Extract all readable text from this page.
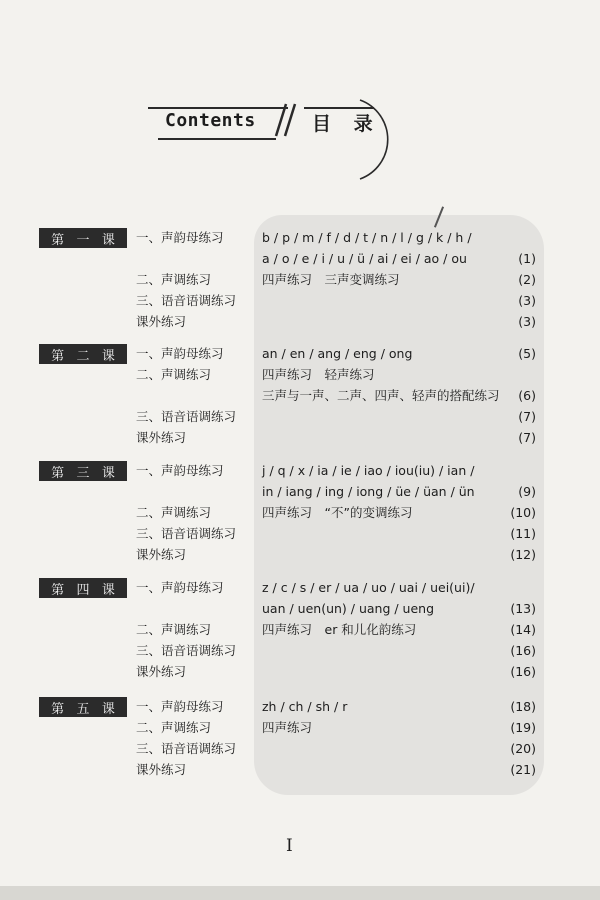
Contents	目 录
第 一 课 一、声韵母练习	b / p / m / f / d / t / n / l / g / k / h /
a / o / e / i / u / ü / ai / ei / ao / ou	(1)
二、声调练习	四声练习　三声变调练习	(2)
三、语音语调练习	(3)
课外练习	(3)
第 二 课 一、声韵母练习	an / en / ang / eng / ong	(5)
二、声调练习	四声练习　轻声练习
三声与一声、二声、四声、轻声的搭配练习	(6)
三、语音语调练习	(7)
课外练习	(7)
第 三 课 一、声韵母练习	j / q / x / ia / ie / iao / iou(iu) / ian /
in / iang / ing / iong / üe / üan / ün	(9)
二、声调练习	四声练习　“不”的变调练习	(10)
三、语音语调练习	(11)
课外练习	(12)
第 四 课 一、声韵母练习	z / c / s / er / ua / uo / uai / uei(ui)/
uan / uen(un) / uang / ueng	(13)
二、声调练习	四声练习　er 和儿化韵练习	(14)
三、语音语调练习	(16)
课外练习	(16)
第 五 课 一、声韵母练习	zh / ch / sh / r	(18)
二、声调练习	四声练习	(19)
三、语音语调练习	(20)
课外练习	(21)
I
